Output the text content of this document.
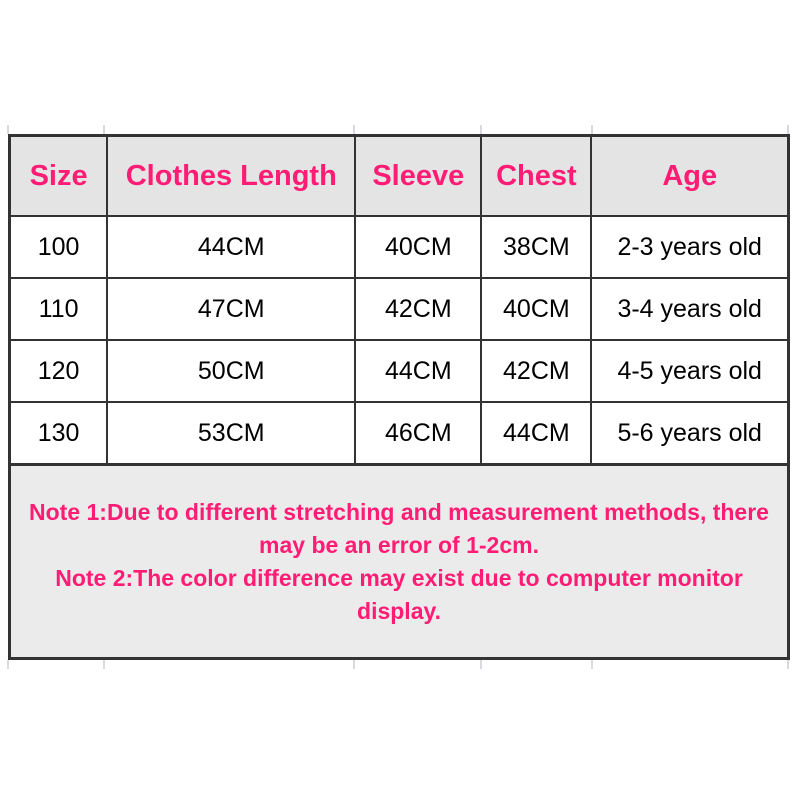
Size	Clothes Length	Sleeve	Chest	Age
100	44CM	40CM	38CM	2-3 years old
110	47CM	42CM	40CM	3-4 years old
120	50CM	44CM	42CM	4-5 years old
130	53CM	46CM	44CM	5-6 years old
Note 1:Due to different stretching and measurement methods, there
may be an error of 1-2cm.
Note 2:The color difference may exist due to computer monitor
display.
